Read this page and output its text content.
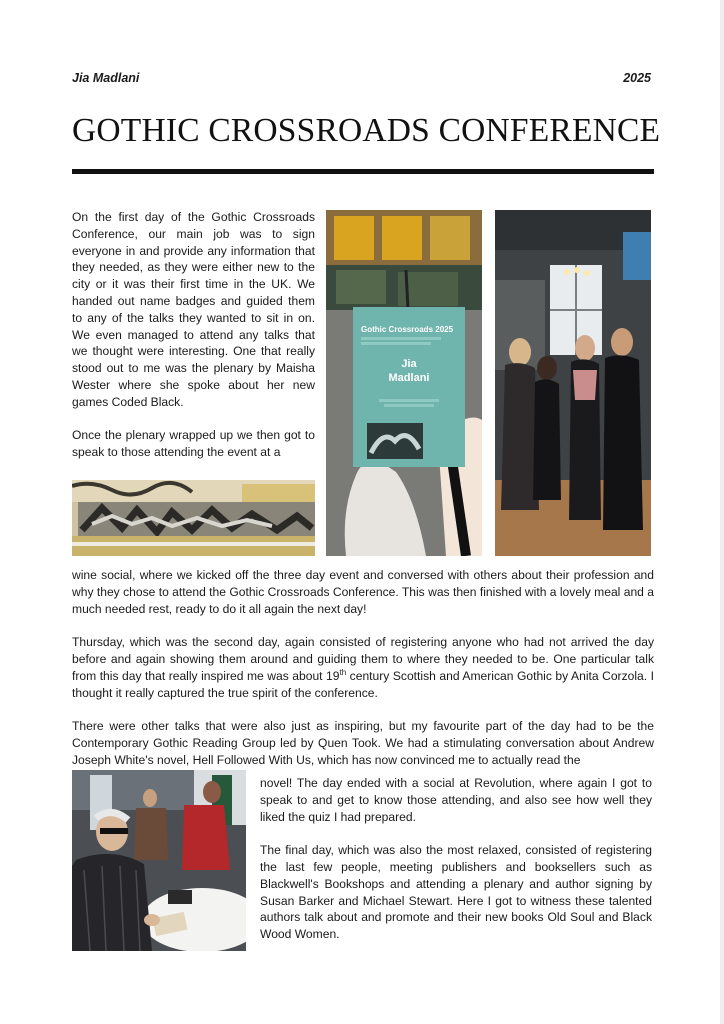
Jia Madlani	2025
GOTHIC CROSSROADS CONFERENCE

On the first day of the Gothic Crossroads Conference, our main job was to sign everyone in and provide any information that they needed, as they were either new to the city or it was their first time in the UK. We handed out name badges and guided them to any of the talks they wanted to sit in on. We even managed to attend any talks that we thought were interesting. One that really stood out to me was the plenary by Maisha Wester where she spoke about her new games Coded Black.

Once the plenary wrapped up we then got to speak to those attending the event at a

Gothic Crossroads 2025
Jia
Madlani

wine social, where we kicked off the three day event and conversed with others about their profession and why they chose to attend the Gothic Crossroads Conference. This was then finished with a lovely meal and a much needed rest, ready to do it all again the next day!

Thursday, which was the second day, again consisted of registering anyone who had not arrived the day before and again showing them around and guiding them to where they needed to be. One particular talk from this day that really inspired me was about 19th century Scottish and American Gothic by Anita Corzola. I thought it really captured the true spirit of the conference.

There were other talks that were also just as inspiring, but my favourite part of the day had to be the Contemporary Gothic Reading Group led by Quen Took. We had a stimulating conversation about Andrew Joseph White's novel, Hell Followed With Us, which has now convinced me to actually read the

novel! The day ended with a social at Revolution, where again I got to speak to and get to know those attending, and also see how well they liked the quiz I had prepared.

The final day, which was also the most relaxed, consisted of registering the last few people, meeting publishers and booksellers such as Blackwell's Bookshops and attending a plenary and author signing by Susan Barker and Michael Stewart. Here I got to witness these talented authors talk about and promote and their new books Old Soul and Black Wood Women.
